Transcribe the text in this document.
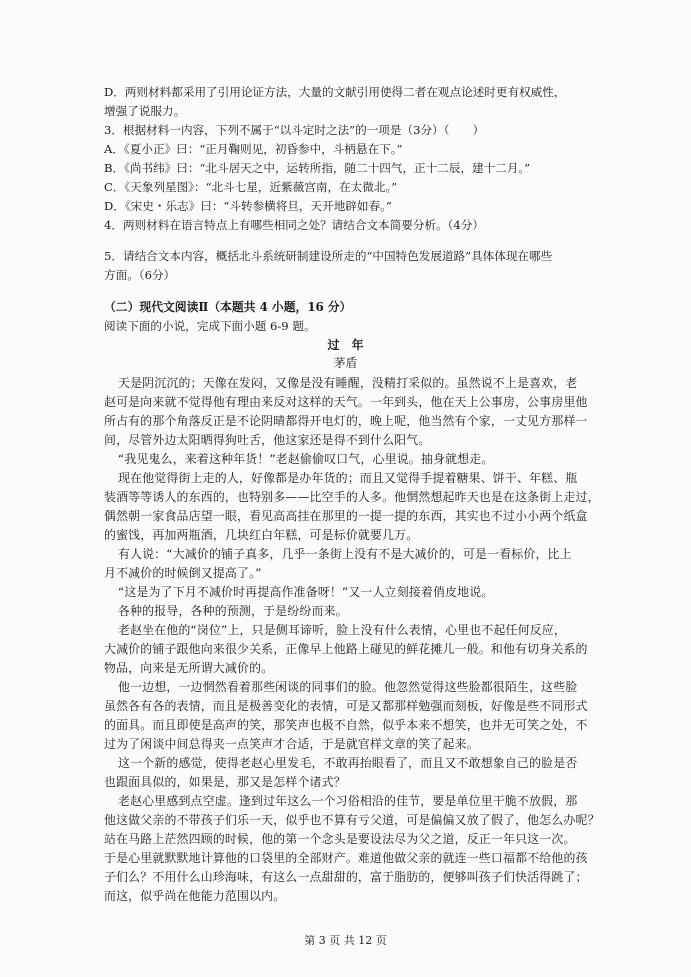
D．两则材料都采用了引用论证方法，大量的文献引用使得二者在观点论述时更有权威性，
增强了说服力。
3．根据材料一内容，下列不属于“以斗定时之法”的一项是（3分）（　　）
A．《夏小正》曰：“正月鞠则见，初昏参中，斗柄悬在下。”
B．《尚书纬》曰：“北斗居天之中，运转所指，随二十四气，正十二辰，建十二月。”
C．《天象列星图》：“北斗七星，近紫薇宫南，在太微北。”
D．《宋史・乐志》曰：“斗转参横将旦，天开地辟如春。”
4．两则材料在语言特点上有哪些相同之处？请结合文本简要分析。（4分）
5．请结合文本内容，概括北斗系统研制建设所走的“中国特色发展道路”具体体现在哪些
方面。（6分）
（二）现代文阅读Ⅱ（本题共 4 小题，16 分）
阅读下面的小说，完成下面小题 6-9 题。
过　年
茅盾
天是阴沉沉的；天像在发闷，又像是没有睡醒，没精打采似的。虽然说不上是喜欢，老
赵可是向来就不觉得他有理由来反对这样的天气。一年到头，他在天上公事房，公事房里他
所占有的那个角落反正是不论阴晴都得开电灯的，晚上呢，他当然有个家，一丈见方那样一
间，尽管外边太阳晒得狗吐舌，他这家还是得不到什么阳气。
“我见鬼么，来着这种年货！”老赵偷偷叹口气，心里说。抽身就想走。
现在他觉得街上走的人，好像都是办年货的；而且又觉得手提着糖果、饼干、年糕、瓶
装酒等等诱人的东西的，也特别多——比空手的人多。他惘然想起昨天也是在这条街上走过，
偶然朝一家食品店望一眼，看见高高挂在那里的一提一提的东西，其实也不过小小两个纸盒
的蜜饯，再加两瓶酒，几块红白年糕，可是标价就要几万。
有人说：“大减价的铺子真多，几乎一条街上没有不是大减价的，可是一看标价，比上
月不减价的时候倒又提高了。”
“这是为了下月不减价时再提高作准备呀！”又一人立刻接着俏皮地说。
各种的报导，各种的预测，于是纷纷而来。
老赵坐在他的“岗位”上，只是侧耳谛听，脸上没有什么表情，心里也不起任何反应，
大减价的铺子跟他向来很少关系，正像早上他路上碰见的鲜花摊儿一般。和他有切身关系的
物品，向来是无所谓大减价的。
他一边想，一边惘然看着那些闲谈的同事们的脸。他忽然觉得这些脸都很陌生，这些脸
虽然各有各的表情，而且是极善变化的表情，可是又都那样勉强而刻板，好像是些不同形式
的面具。而且即使是高声的笑，那笑声也极不自然，似乎本来不想笑，也并无可笑之处，不
过为了闲谈中间总得夹一点笑声才合适，于是就官样文章的笑了起来。
这一个新的感觉，使得老赵心里发毛，不敢再抬眼看了，而且又不敢想象自己的脸是否
也跟面具似的，如果是，那又是怎样个诸式？
老赵心里感到点空虚。逢到过年这么一个习俗相沿的佳节，要是单位里干脆不放假，那
他这做父亲的不带孩子们乐一天，似乎也不算有亏父道，可是偏偏又放了假了，他怎么办呢？
站在马路上茫然四顾的时候，他的第一个念头是要设法尽为父之道，反正一年只这一次。
于是心里就默默地计算他的口袋里的全部财产。难道他做父亲的就连一些口福都不给他的孩
子们么？不用什么山珍海味，有这么一点甜甜的，富于脂肪的，便够叫孩子们快活得跳了；
而这，似乎尚在他能力范围以内。
第 3 页 共 12 页
